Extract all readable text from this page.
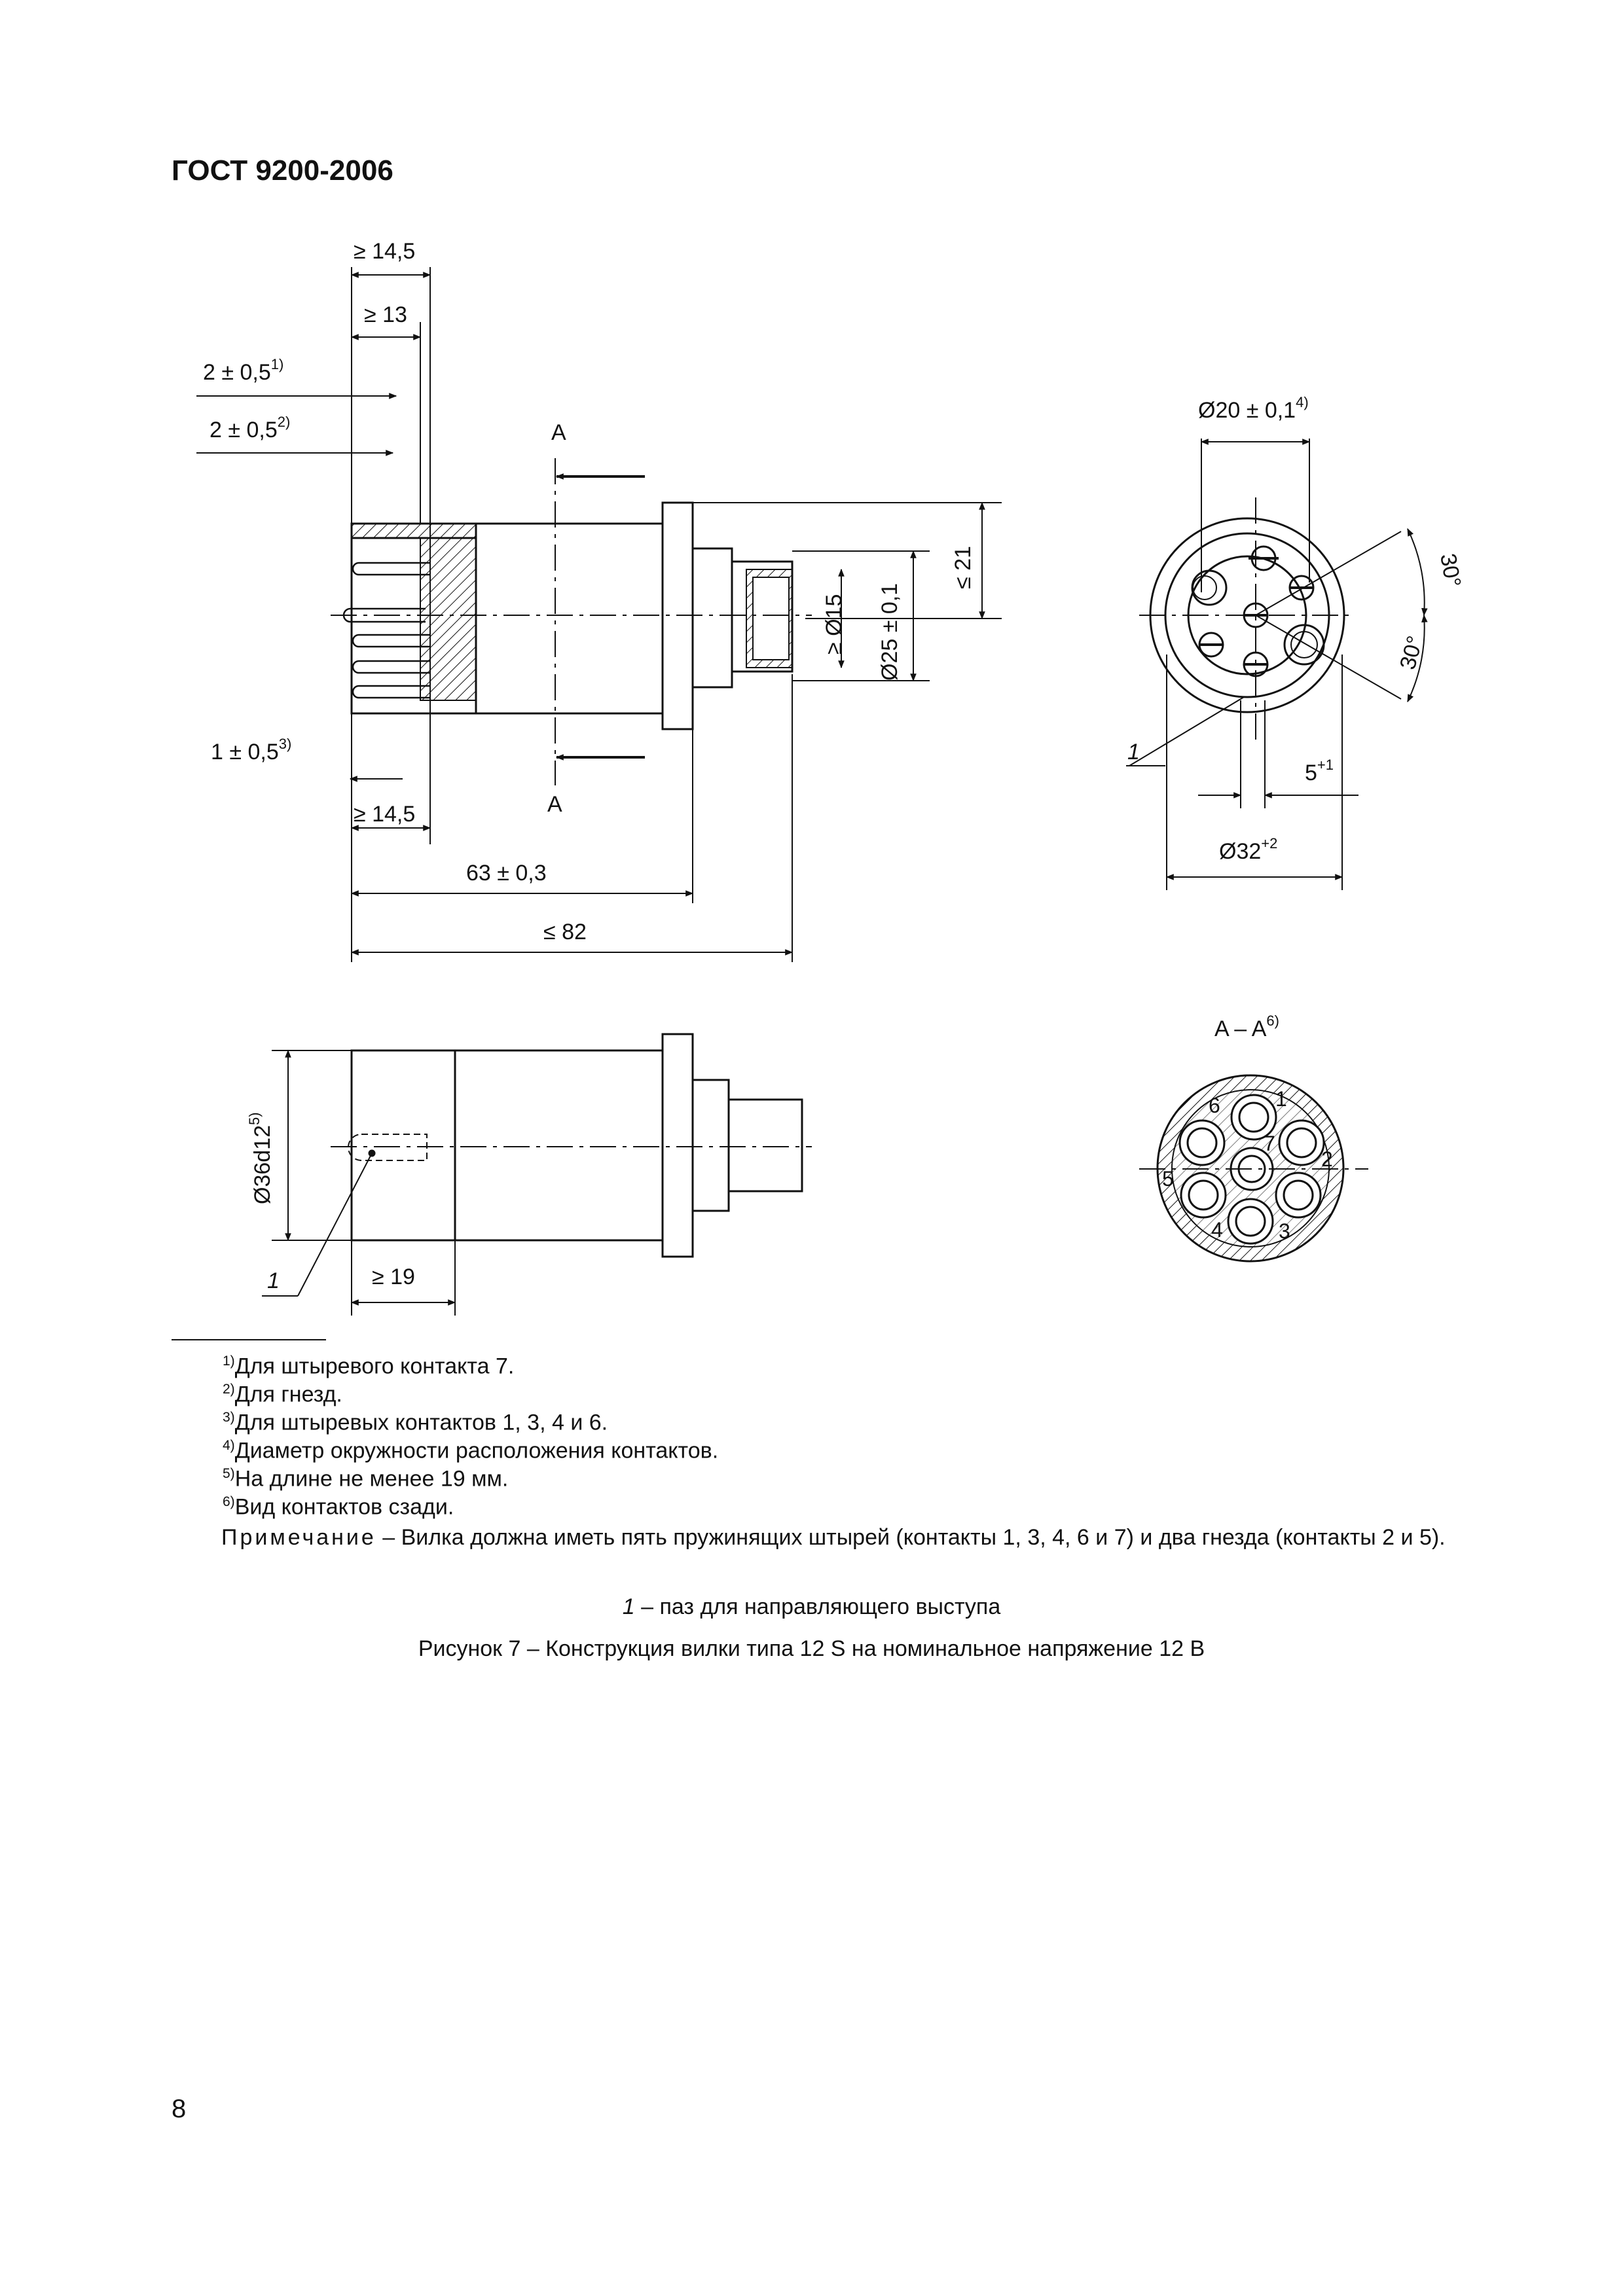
ГОСТ 9200-2006
≥ 14,5
≥ 13
$2 \pm 0,5^{1)}$
$2 \pm 0,5^{2)}$	A
A
$1 \pm 0,5^{3)}$
≥ 14,5
63 ± 0,3
≤ 82
≤ 21
Ø25 ± 0,1
≥ Ø15
Ø20 ± $0,1^{4)}$
30°
30°
$5^{+1}$
$Ø32^{+2}$
1
$Ø36d12^{5)}$
≥ 19
1
A – $A^{6)}$
1
2
3
4
5
6
7
$^{1)}$Для штыревого контакта 7.
$^{2)}$Для гнезд.
$^{3)}$Для штыревых контактов 1, 3, 4 и 6.
$^{4)}$Диаметр окружности расположения контактов.
$^{5)}$На длине не менее 19 мм.
$^{6)}$Вид контактов сзади.
Примечание – Вилка должна иметь пять пружинящих штырей (контакты 1, 3, 4, 6 и 7) и два гнезда (контакты 2 и 5).
1 – паз для направляющего выступа
Рисунок 7 – Конструкция вилки типа 12 S на номинальное напряжение 12 В
8
